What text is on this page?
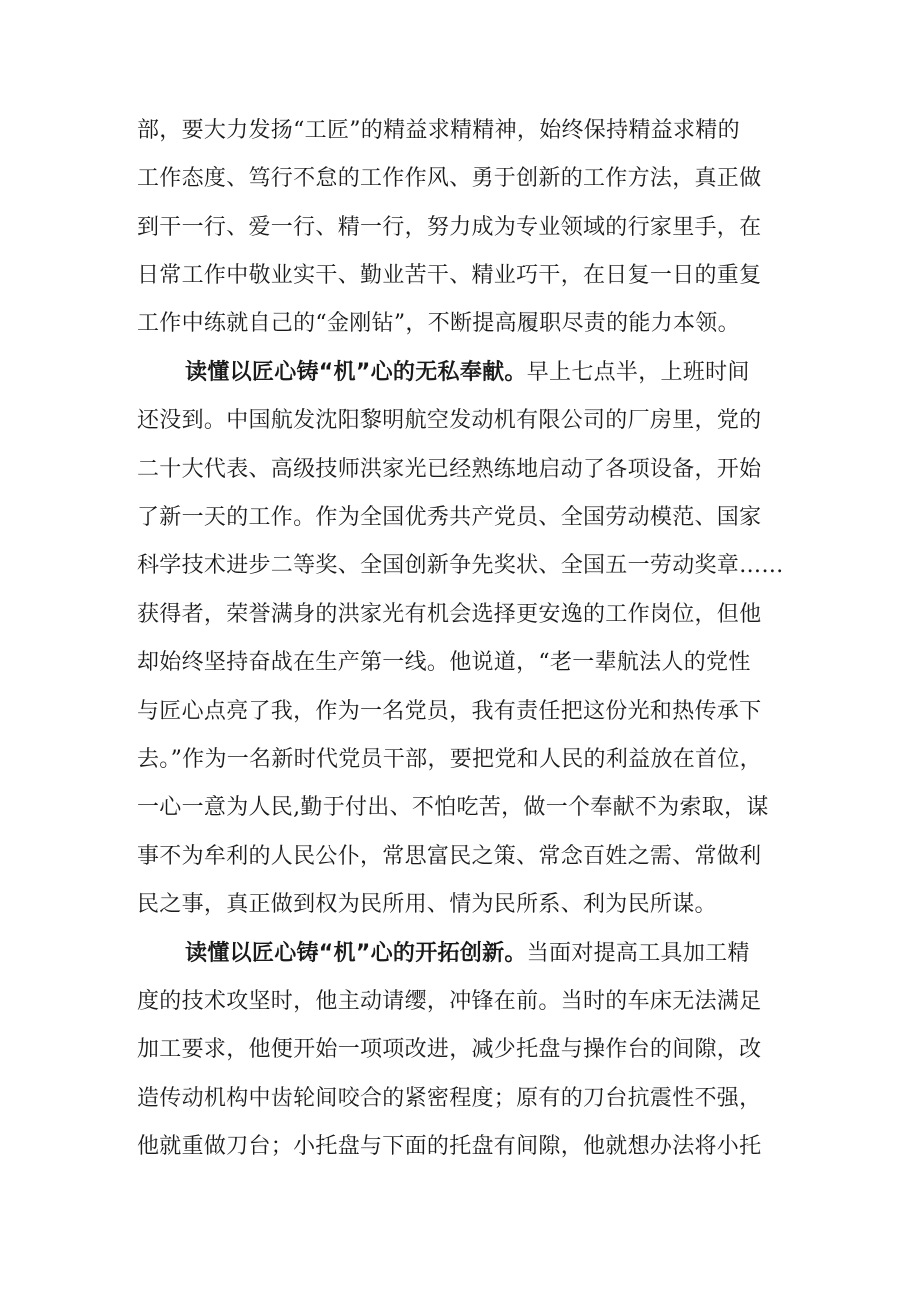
部，要大力发扬“工匠”的精益求精精神，始终保持精益求精的
工作态度、笃行不怠的工作作风、勇于创新的工作方法，真正做
到干一行、爱一行、精一行，努力成为专业领域的行家里手，在
日常工作中敬业实干、勤业苦干、精业巧干，在日复一日的重复
工作中练就自己的“金刚钻”，不断提高履职尽责的能力本领。
读懂以匠心铸“机”心的无私奉献。早上七点半，上班时间
还没到。中国航发沈阳黎明航空发动机有限公司的厂房里，党的
二十大代表、高级技师洪家光已经熟练地启动了各项设备，开始
了新一天的工作。作为全国优秀共产党员、全国劳动模范、国家
科学技术进步二等奖、全国创新争先奖状、全国五一劳动奖章……
获得者，荣誉满身的洪家光有机会选择更安逸的工作岗位，但他
却始终坚持奋战在生产第一线。他说道，“老一辈航法人的党性
与匠心点亮了我，作为一名党员，我有责任把这份光和热传承下
去。”作为一名新时代党员干部，要把党和人民的利益放在首位，
一心一意为人民,勤于付出、不怕吃苦，做一个奉献不为索取，谋
事不为牟利的人民公仆，常思富民之策、常念百姓之需、常做利
民之事，真正做到权为民所用、情为民所系、利为民所谋。
读懂以匠心铸“机”心的开拓创新。当面对提高工具加工精
度的技术攻坚时，他主动请缨，冲锋在前。当时的车床无法满足
加工要求，他便开始一项项改进，减少托盘与操作台的间隙，改
造传动机构中齿轮间咬合的紧密程度；原有的刀台抗震性不强，
他就重做刀台；小托盘与下面的托盘有间隙，他就想办法将小托
